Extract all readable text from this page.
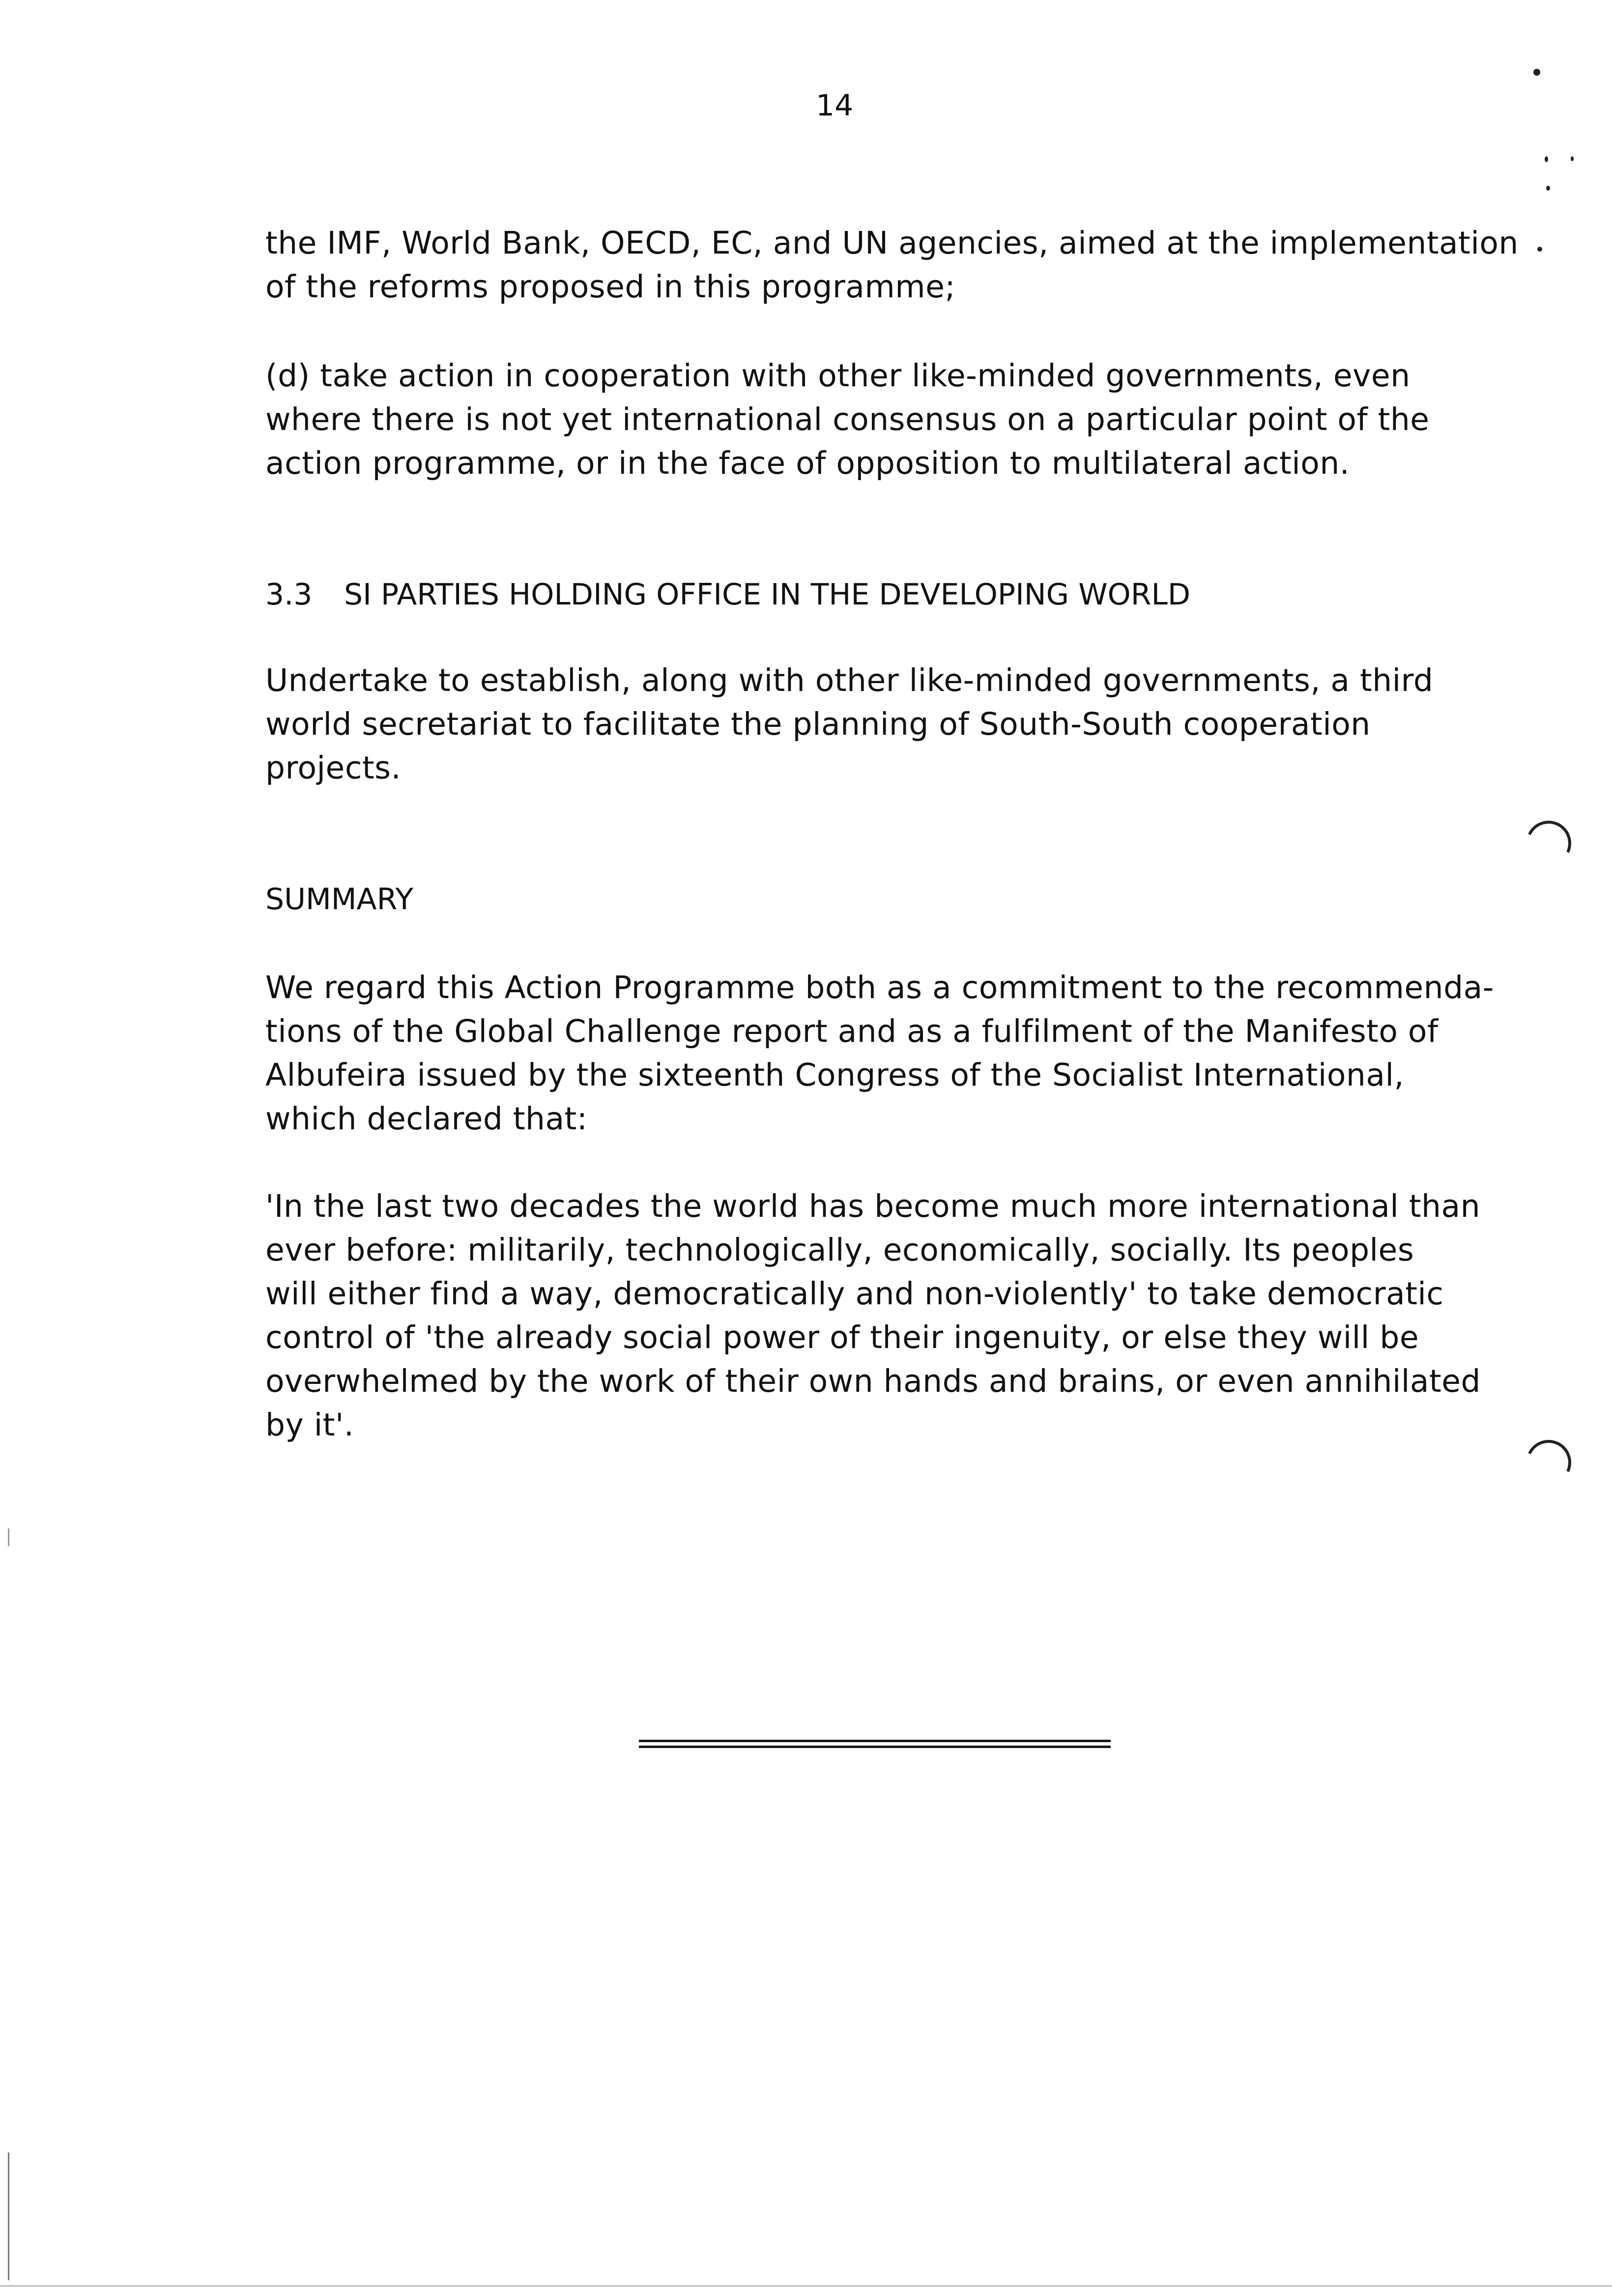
14
the IMF, World Bank, OECD, EC, and UN agencies, aimed at the implementation
of the reforms proposed in this programme;
(d) take action in cooperation with other like-minded governments, even
where there is not yet international consensus on a particular point of the
action programme, or in the face of opposition to multilateral action.
3.3 SI PARTIES HOLDING OFFICE IN THE DEVELOPING WORLD
Undertake to establish, along with other like-minded governments, a third
world secretariat to facilitate the planning of South-South cooperation
projects.
SUMMARY
We regard this Action Programme both as a commitment to the recommenda-
tions of the Global Challenge report and as a fulfilment of the Manifesto of
Albufeira issued by the sixteenth Congress of the Socialist International,
which declared that:
'In the last two decades the world has become much more international than
ever before: militarily, technologically, economically, socially. Its peoples
will either find a way, democratically and non-violently' to take democratic
control of 'the already social power of their ingenuity, or else they will be
overwhelmed by the work of their own hands and brains, or even annihilated
by it'.
